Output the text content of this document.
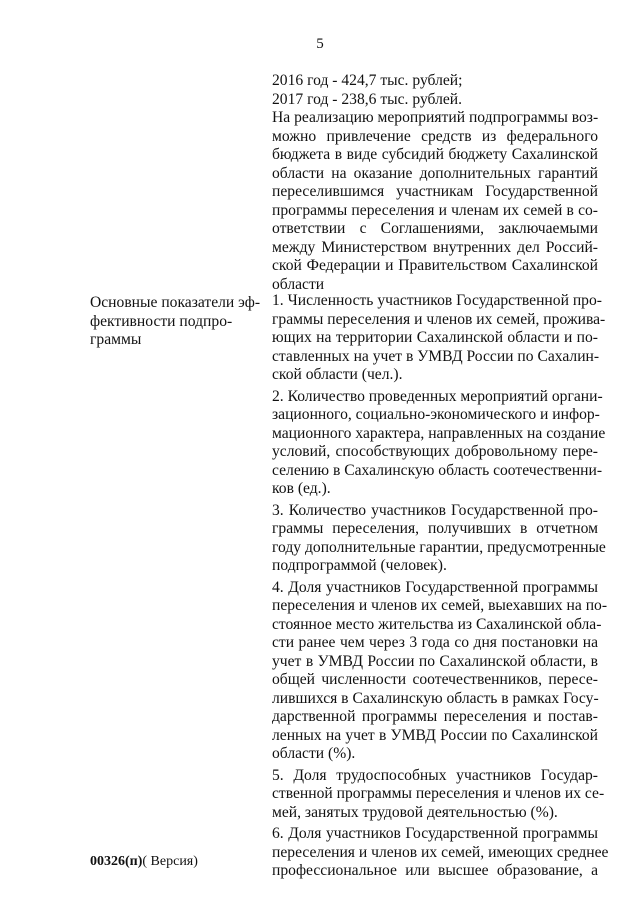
5
2016 год - 424,7 тыс. рублей;
2017 год - 238,6 тыс. рублей.
На реализацию мероприятий подпрограммы воз-
можно привлечение средств из федерального
бюджета в виде субсидий бюджету Сахалинской
области на оказание дополнительных гарантий
переселившимся участникам Государственной
программы переселения и членам их семей в со-
ответствии с Соглашениями, заключаемыми
между Министерством внутренних дел Россий-
ской Федерации и Правительством Сахалинской
области
Основные показатели эф-
фективности подпро-
граммы
1. Численность участников Государственной про-
граммы переселения и членов их семей, прожива-
ющих на территории Сахалинской области и по-
ставленных на учет в УМВД России по Сахалин-
ской области (чел.).
2. Количество проведенных мероприятий органи-
зационного, социально-экономического и инфор-
мационного характера, направленных на создание
условий, способствующих добровольному пере-
селению в Сахалинскую область соотечественни-
ков (ед.).
3. Количество участников Государственной про-
граммы переселения, получивших в отчетном
году дополнительные гарантии, предусмотренные
подпрограммой (человек).
4. Доля участников Государственной программы
переселения и членов их семей, выехавших на по-
стоянное место жительства из Сахалинской обла-
сти ранее чем через 3 года со дня постановки на
учет в УМВД России по Сахалинской области, в
общей численности соотечественников, пересе-
лившихся в Сахалинскую область в рамках Госу-
дарственной программы переселения и постав-
ленных на учет в УМВД России по Сахалинской
области (%).
5. Доля трудоспособных участников Государ-
ственной программы переселения и членов их се-
мей, занятых трудовой деятельностью (%).
6. Доля участников Государственной программы
переселения и членов их семей, имеющих среднее
профессиональное или высшее образование, а
00326(п)( Версия)
